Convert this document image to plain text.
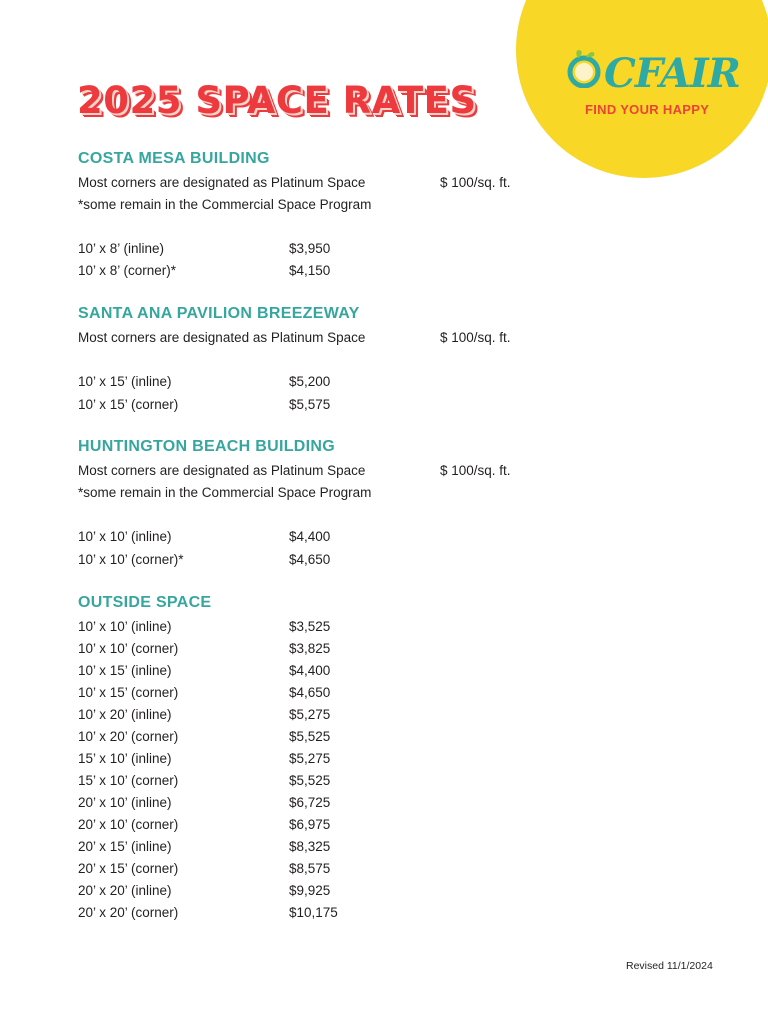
CFAIR
FIND YOUR HAPPY
2025 SPACE RATES
COSTA MESA BUILDING
Most corners are designated as Platinum Space	$ 100/sq. ft.
*some remain in the Commercial Space Program
10’ x 8’ (inline)	$3,950
10’ x 8’ (corner)*	$4,150
SANTA ANA PAVILION BREEZEWAY
Most corners are designated as Platinum Space	$ 100/sq. ft.
10’ x 15’ (inline)	$5,200
10’ x 15’ (corner)	$5,575
HUNTINGTON BEACH BUILDING
Most corners are designated as Platinum Space	$ 100/sq. ft.
*some remain in the Commercial Space Program
10’ x 10’ (inline)	$4,400
10’ x 10’ (corner)*	$4,650
OUTSIDE SPACE
10’ x 10’ (inline)	$3,525
10’ x 10’ (corner)	$3,825
10’ x 15’ (inline)	$4,400
10’ x 15’ (corner)	$4,650
10’ x 20’ (inline)	$5,275
10’ x 20’ (corner)	$5,525
15’ x 10’ (inline)	$5,275
15’ x 10’ (corner)	$5,525
20’ x 10’ (inline)	$6,725
20’ x 10’ (corner)	$6,975
20’ x 15’ (inline)	$8,325
20’ x 15’ (corner)	$8,575
20’ x 20’ (inline)	$9,925
20’ x 20’ (corner)	$10,175
Revised 11/1/2024
